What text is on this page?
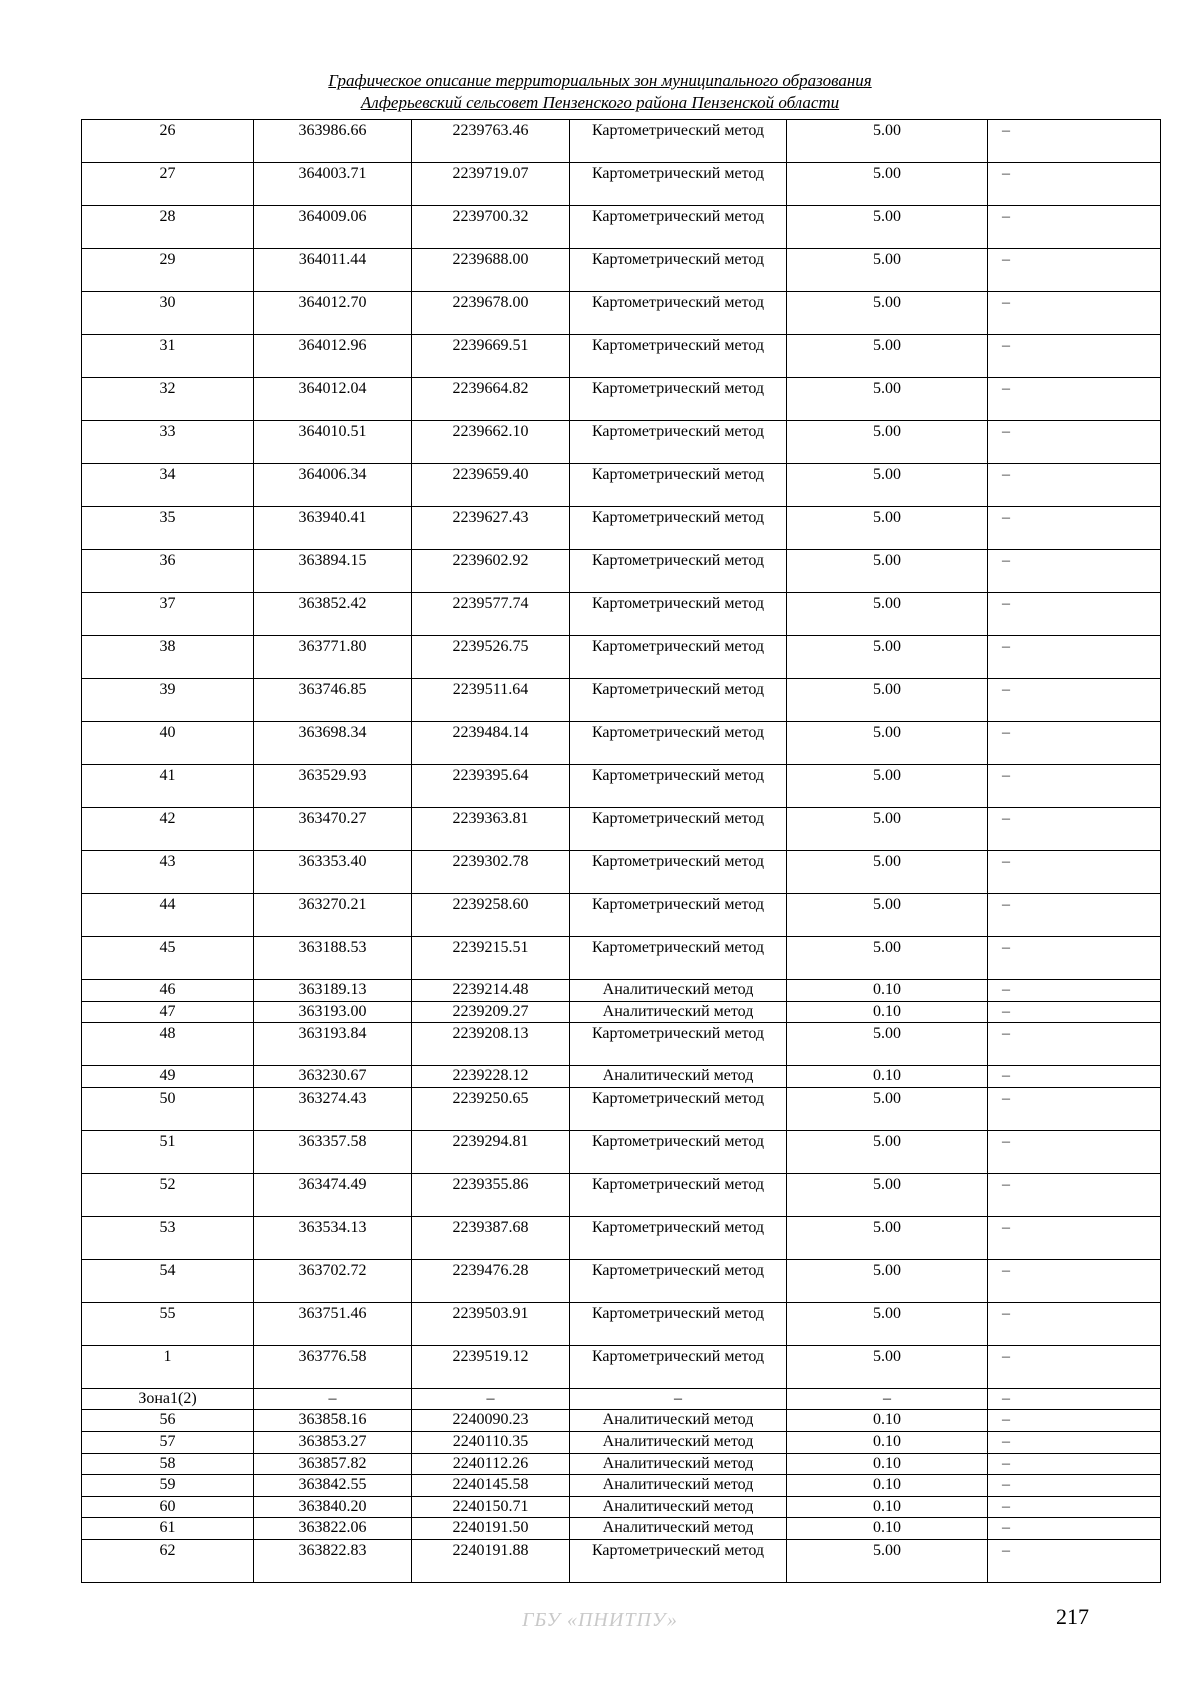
Графическое описание территориальных зон муниципального образования
Алферьевский сельсовет Пензенского района Пензенской области
26	363986.66	2239763.46	Картометрический метод	5.00	–
27	364003.71	2239719.07	Картометрический метод	5.00	–
28	364009.06	2239700.32	Картометрический метод	5.00	–
29	364011.44	2239688.00	Картометрический метод	5.00	–
30	364012.70	2239678.00	Картометрический метод	5.00	–
31	364012.96	2239669.51	Картометрический метод	5.00	–
32	364012.04	2239664.82	Картометрический метод	5.00	–
33	364010.51	2239662.10	Картометрический метод	5.00	–
34	364006.34	2239659.40	Картометрический метод	5.00	–
35	363940.41	2239627.43	Картометрический метод	5.00	–
36	363894.15	2239602.92	Картометрический метод	5.00	–
37	363852.42	2239577.74	Картометрический метод	5.00	–
38	363771.80	2239526.75	Картометрический метод	5.00	–
39	363746.85	2239511.64	Картометрический метод	5.00	–
40	363698.34	2239484.14	Картометрический метод	5.00	–
41	363529.93	2239395.64	Картометрический метод	5.00	–
42	363470.27	2239363.81	Картометрический метод	5.00	–
43	363353.40	2239302.78	Картометрический метод	5.00	–
44	363270.21	2239258.60	Картометрический метод	5.00	–
45	363188.53	2239215.51	Картометрический метод	5.00	–
46	363189.13	2239214.48	Аналитический метод	0.10	–
47	363193.00	2239209.27	Аналитический метод	0.10	–
48	363193.84	2239208.13	Картометрический метод	5.00	–
49	363230.67	2239228.12	Аналитический метод	0.10	–
50	363274.43	2239250.65	Картометрический метод	5.00	–
51	363357.58	2239294.81	Картометрический метод	5.00	–
52	363474.49	2239355.86	Картометрический метод	5.00	–
53	363534.13	2239387.68	Картометрический метод	5.00	–
54	363702.72	2239476.28	Картометрический метод	5.00	–
55	363751.46	2239503.91	Картометрический метод	5.00	–
1	363776.58	2239519.12	Картометрический метод	5.00	–
Зона1(2)	–	–	–	–	–
56	363858.16	2240090.23	Аналитический метод	0.10	–
57	363853.27	2240110.35	Аналитический метод	0.10	–
58	363857.82	2240112.26	Аналитический метод	0.10	–
59	363842.55	2240145.58	Аналитический метод	0.10	–
60	363840.20	2240150.71	Аналитический метод	0.10	–
61	363822.06	2240191.50	Аналитический метод	0.10	–
62	363822.83	2240191.88	Картометрический метод	5.00	–
ГБУ «ПНИТПУ»	217
